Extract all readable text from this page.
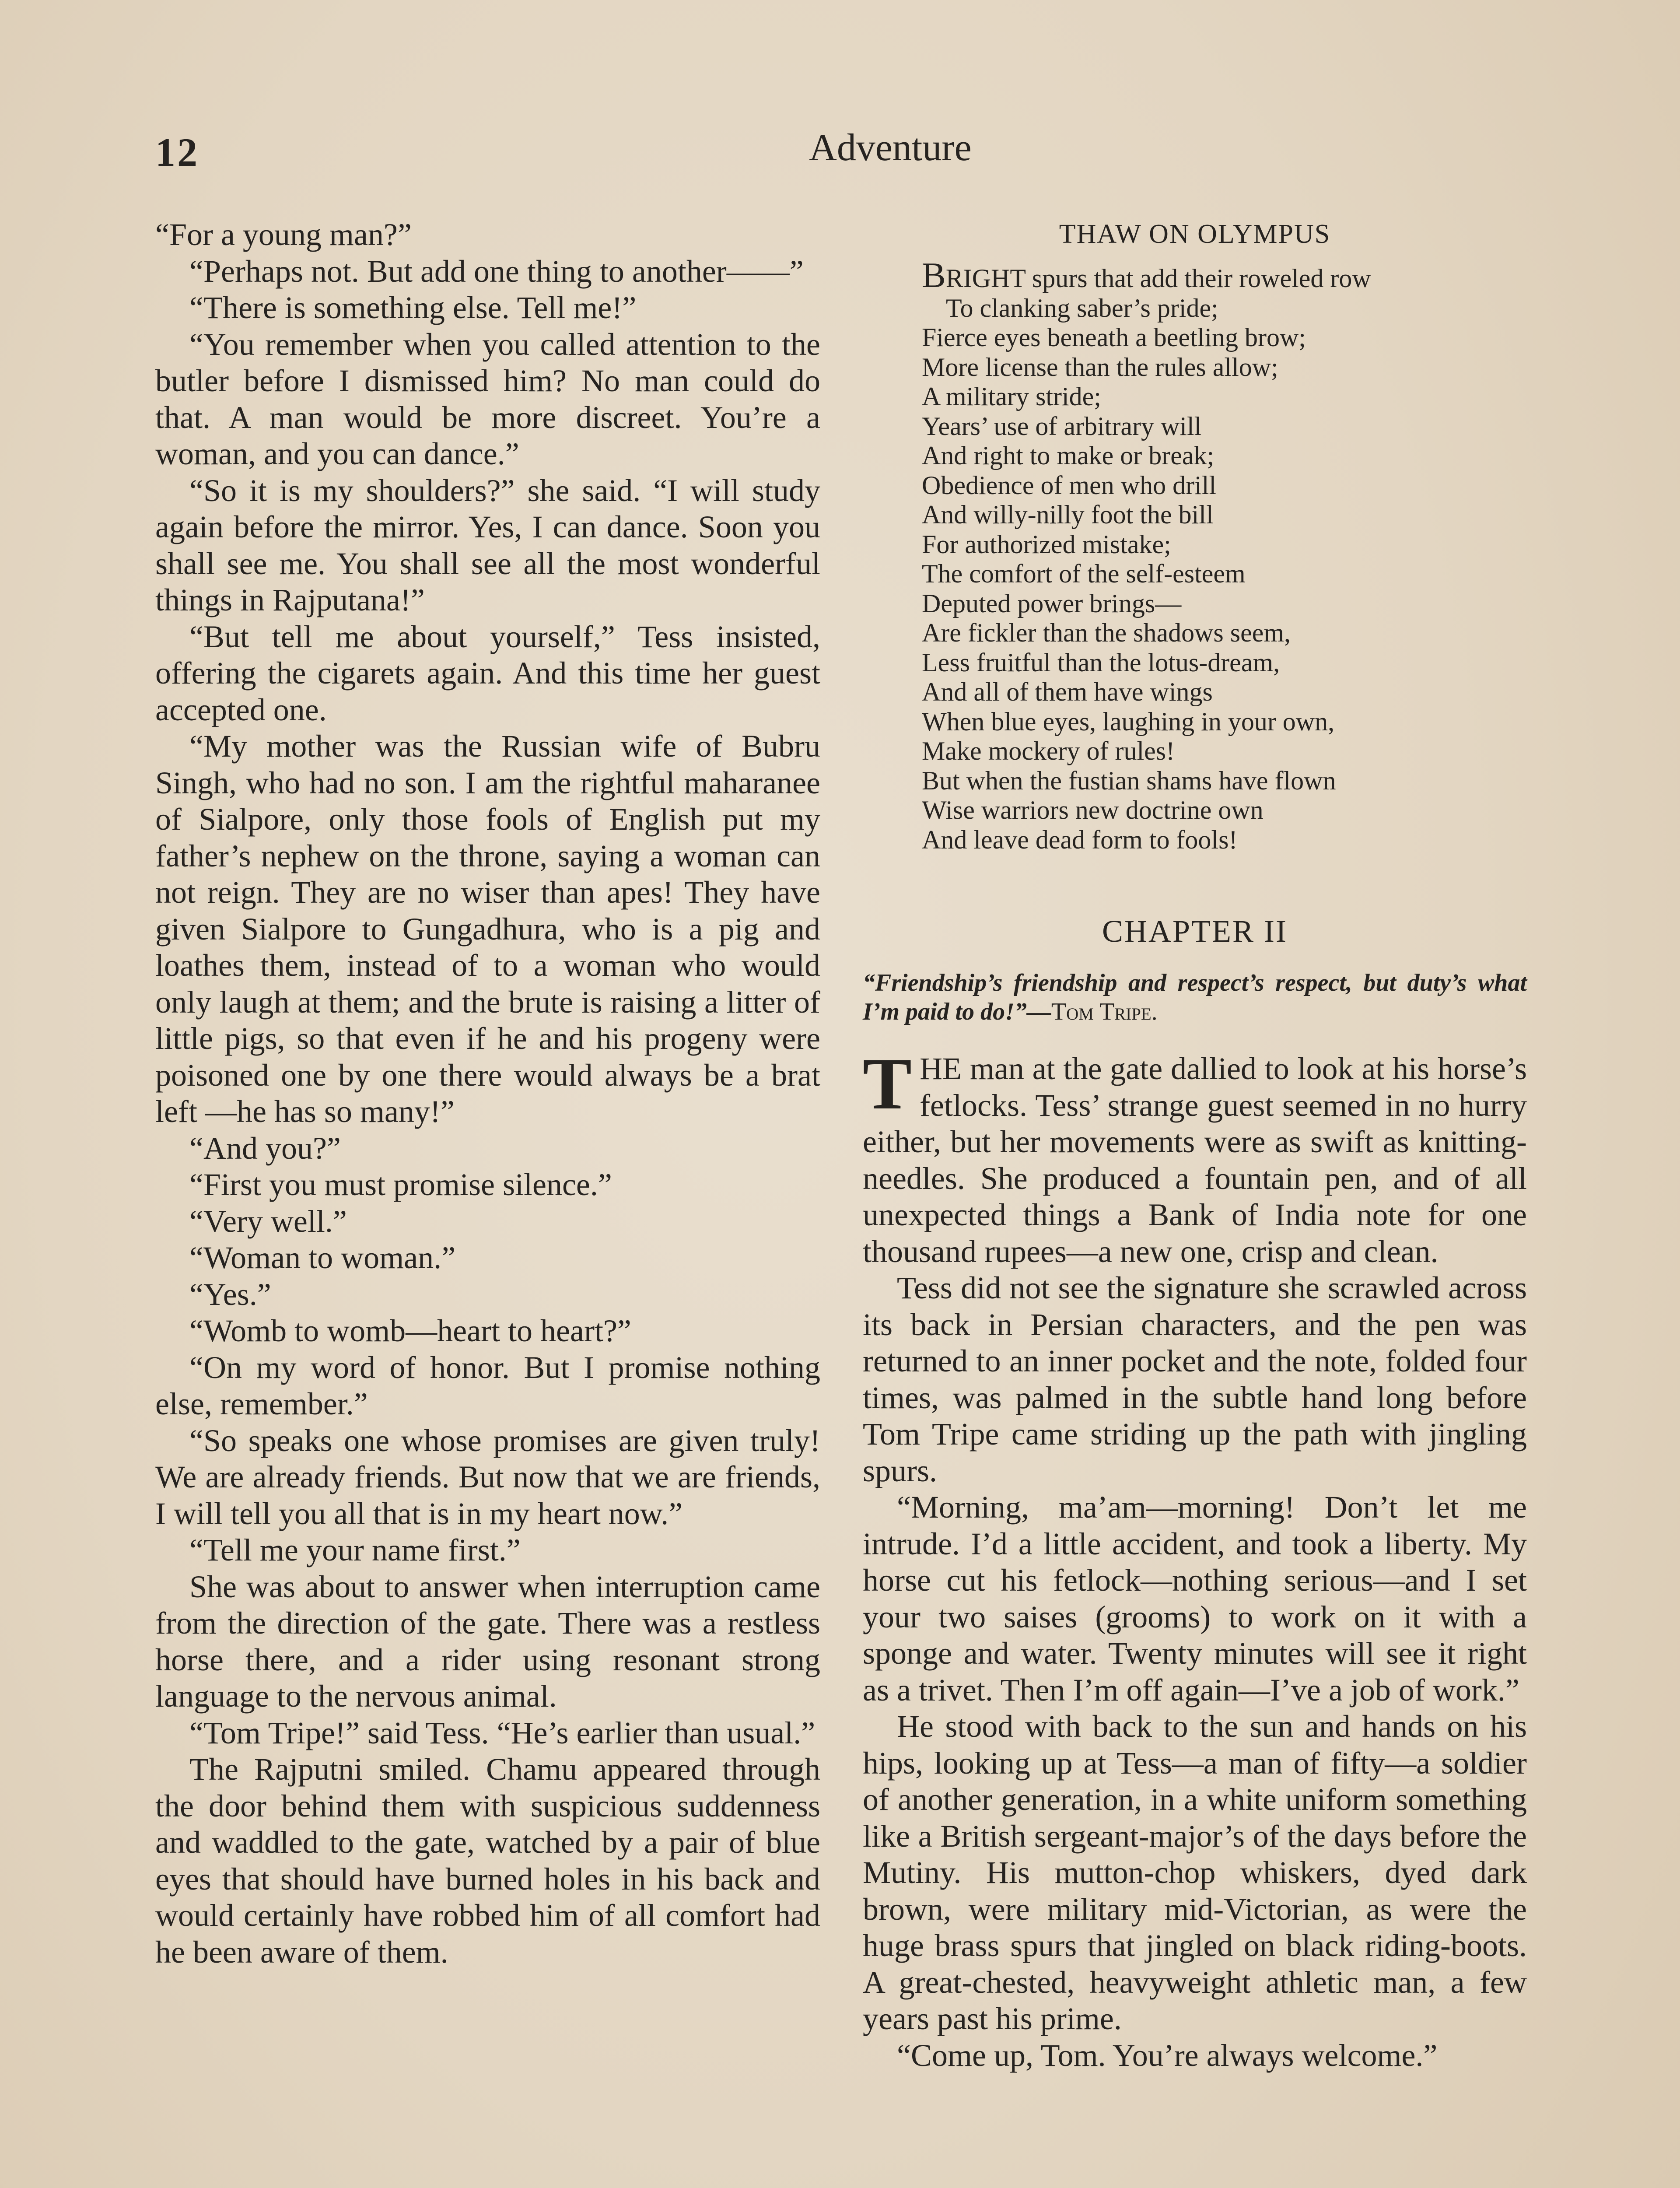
12	Adventure

“For a young man?”

“Perhaps not. But add one thing to another——”

“There is something else. Tell me!”

“You remember when you called attention to the butler before I dismissed him? No man could do that. A man would be more discreet. You’re a woman, and you can dance.”

“So it is my shoulders?” she said. “I will study again before the mirror. Yes, I can dance. Soon you shall see me. You shall see all the most wonderful things in Rajputana!”

“But tell me about yourself,” Tess insisted, offering the cigarets again. And this time her guest accepted one.

“My mother was the Russian wife of Bubru Singh, who had no son. I am the rightful maharanee of Sialpore, only those fools of English put my father’s nephew on the throne, saying a woman can not reign. They are no wiser than apes! They have given Sialpore to Gungadhura, who is a pig and loathes them, instead of to a woman who would only laugh at them; and the brute is raising a litter of little pigs, so that even if he and his progeny were poisoned one by one there would always be a brat left —he has so many!”

“And you?”

“First you must promise silence.”

“Very well.”

“Woman to woman.”

“Yes.”

“Womb to womb—heart to heart?”

“On my word of honor. But I promise nothing else, remember.”

“So speaks one whose promises are given truly! We are already friends. But now that we are friends, I will tell you all that is in my heart now.”

“Tell me your name first.”

She was about to answer when interruption came from the direction of the gate. There was a restless horse there, and a rider using resonant strong language to the nervous animal.

“Tom Tripe!” said Tess. “He’s earlier than usual.”

The Rajputni smiled. Chamu appeared through the door behind them with suspicious suddenness and waddled to the gate, watched by a pair of blue eyes that should have burned holes in his back and would certainly have robbed him of all comfort had he been aware of them.

THAW ON OLYMPUS
BRIGHT spurs that add their roweled row
To clanking saber’s pride;
Fierce eyes beneath a beetling brow;
More license than the rules allow;
A military stride;
Years’ use of arbitrary will
And right to make or break;
Obedience of men who drill
And willy-nilly foot the bill
For authorized mistake;
The comfort of the self-esteem
Deputed power brings—
Are fickler than the shadows seem,
Less fruitful than the lotus-dream,
And all of them have wings
When blue eyes, laughing in your own,
Make mockery of rules!
But when the fustian shams have flown
Wise warriors new doctrine own
And leave dead form to fools!
CHAPTER II
“Friendship’s friendship and respect’s respect, but duty’s what I’m paid to do!”—Tom Tripe.

THE man at the gate dallied to look at his horse’s fetlocks. Tess’ strange guest seemed in no hurry either, but her movements were as swift as knitting-needles. She produced a fountain pen, and of all unexpected things a Bank of India note for one thousand rupees—a new one, crisp and clean.

Tess did not see the signature she scrawled across its back in Persian characters, and the pen was returned to an inner pocket and the note, folded four times, was palmed in the subtle hand long before Tom Tripe came striding up the path with jingling spurs.

“Morning, ma’am—morning! Don’t let me intrude. I’d a little accident, and took a liberty. My horse cut his fetlock—nothing serious—and I set your two saises (grooms) to work on it with a sponge and water. Twenty minutes will see it right as a trivet. Then I’m off again—I’ve a job of work.”

He stood with back to the sun and hands on his hips, looking up at Tess—a man of fifty—a soldier of another generation, in a white uniform something like a British sergeant-major’s of the days before the Mutiny. His mutton-chop whiskers, dyed dark brown, were military mid-Victorian, as were the huge brass spurs that jingled on black riding-boots. A great-chested, heavyweight athletic man, a few years past his prime.

“Come up, Tom. You’re always welcome.”
